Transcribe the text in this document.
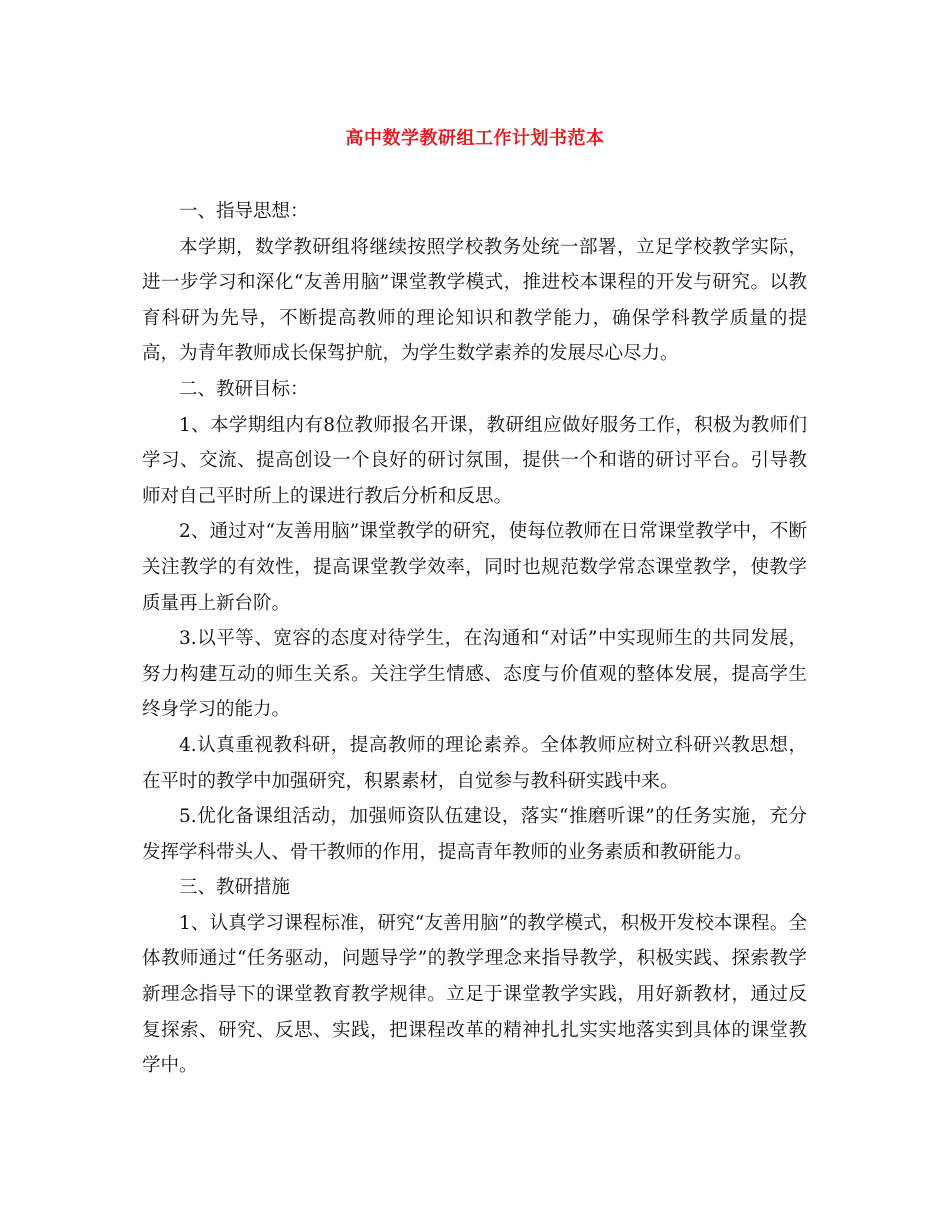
高中数学教研组工作计划书范本

一、指导思想：

本学期，数学教研组将继续按照学校教务处统一部署，立足学校教学实际，进一步学习和深化“友善用脑”课堂教学模式，推进校本课程的开发与研究。以教育科研为先导，不断提高教师的理论知识和教学能力，确保学科教学质量的提高，为青年教师成长保驾护航，为学生数学素养的发展尽心尽力。

二、教研目标：

1、本学期组内有8位教师报名开课，教研组应做好服务工作，积极为教师们学习、交流、提高创设一个良好的研讨氛围，提供一个和谐的研讨平台。引导教师对自己平时所上的课进行教后分析和反思。

2、通过对“友善用脑”课堂教学的研究，使每位教师在日常课堂教学中，不断关注教学的有效性，提高课堂教学效率，同时也规范数学常态课堂教学，使教学质量再上新台阶。

3.以平等、宽容的态度对待学生，在沟通和“对话”中实现师生的共同发展，努力构建互动的师生关系。关注学生情感、态度与价值观的整体发展，提高学生终身学习的能力。

4.认真重视教科研，提高教师的理论素养。全体教师应树立科研兴教思想，在平时的教学中加强研究，积累素材，自觉参与教科研实践中来。

5.优化备课组活动，加强师资队伍建设，落实“推磨听课”的任务实施，充分发挥学科带头人、骨干教师的作用，提高青年教师的业务素质和教研能力。

三、教研措施

1、认真学习课程标准，研究“友善用脑”的教学模式，积极开发校本课程。全体教师通过“任务驱动，问题导学”的教学理念来指导教学，积极实践、探索教学新理念指导下的课堂教育教学规律。立足于课堂教学实践，用好新教材，通过反复探索、研究、反思、实践，把课程改革的精神扎扎实实地落实到具体的课堂教学中。
